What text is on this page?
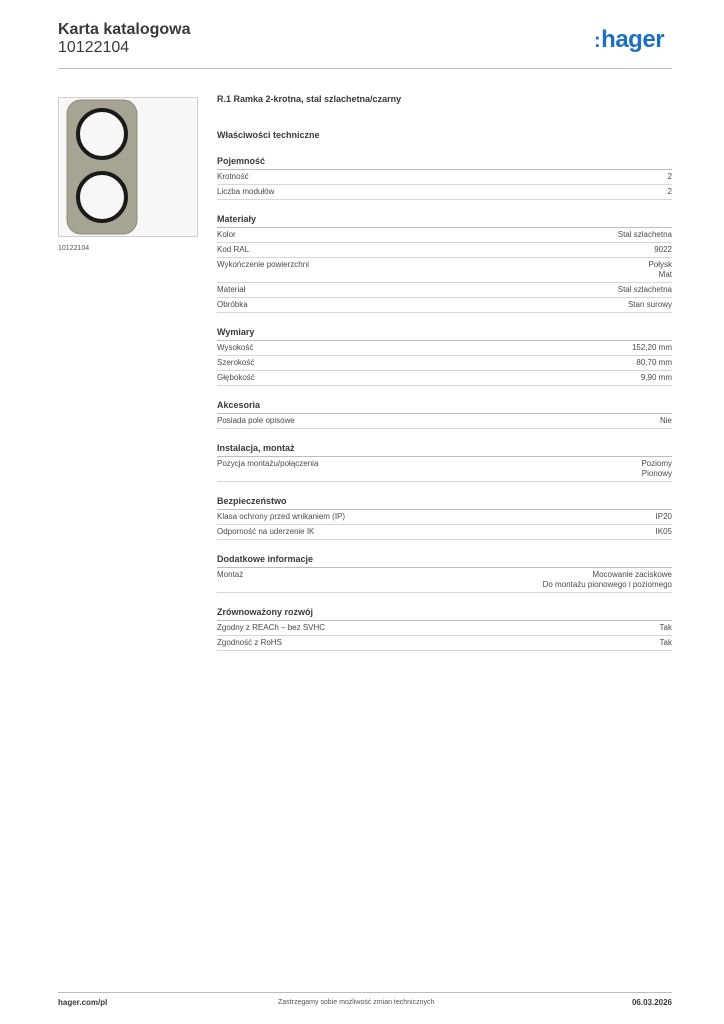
Karta katalogowa
10122104	:hager
10122104
R.1 Ramka 2-krotna, stal szlachetna/czarny
Właściwości techniczne
Pojemność
Krotność	2
Liczba modułów	2
Materiały
Kolor	Stal szlachetna
Kod RAL	9022
Wykończenie powierzchni	Połysk
Mat
Materiał	Stal szlachetna
Obróbka	Stan surowy
Wymiary
Wysokość	152,20 mm
Szerokość	80,70 mm
Głębokość	9,90 mm
Akcesoria
Posiada pole opisowe	Nie
Instalacja, montaż
Pozycja montażu/połączenia	Poziomy
Pionowy
Bezpieczeństwo
Klasa ochrony przed wnikaniem (IP)	IP20
Odporność na uderzenie IK	IK05
Dodatkowe informacje
Montaż	Mocowanie zaciskowe
Do montażu pionowego i poziomego
Zrównoważony rozwój
Zgodny z REACh – bez SVHC	Tak
Zgodność z RoHS	Tak
hager.com/pl	Zastrzegamy sobie możliwość zmian technicznych	06.03.2026
